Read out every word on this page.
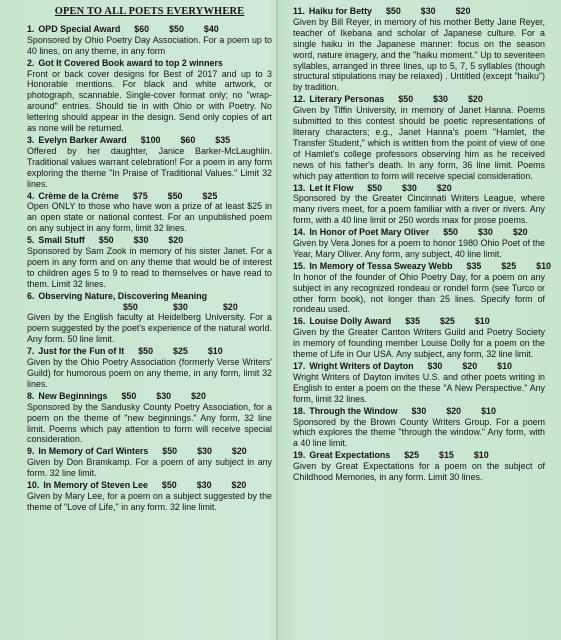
OPEN TO ALL POETS EVERYWHERE
1. OPD Special Award $60 $50 $40
Sponsored by Ohio Poetry Day Association. For a poem up to 40 lines, on any theme, in any form
2. Got It Covered Book award to top 2 winners
Front or back cover designs for Best of 2017 and up to 3 Honorable mentions. For black and white artwork, or photograph, scannable. Single-cover format only; no "wrap-around" entries. Should tie in with Ohio or with Poetry. No lettering should appear in the design. Send only copies of art as none will be returned.
3. Evelyn Barker Award $100 $60 $35
Offered by her daughter, Janice Barker-McLaughlin. Traditional values warrant celebration! For a poem in any form exploring the theme "In Praise of Traditional Values." Limit 32 lines.
4. Crème de la Crème $75 $50 $25
Open ONLY to those who have won a prize of at least $25 in an open state or national contest. For an unpublished poem on any subject in any form, limit 32 lines.
5. Small Stuff $50 $30 $20
Sponsored by Sam Zook in memory of his sister Janet. For a poem in any form and on any theme that would be of interest to children ages 5 to 9 to read to themselves or have read to them. Limit 32 lines.
6. Observing Nature, Discovering Meaning
$50	$30	$20
Given by the English faculty at Heidelberg University. For a poem suggested by the poet's experience of the natural world. Any form. 50 line limit.
7. Just for the Fun of It $50 $25 $10
Given by the Ohio Poetry Association (formerly Verse Writers' Guild) for humorous poem on any theme, in any form, limit 32 lines.
8. New Beginnings $50 $30 $20
Sponsored by the Sandusky County Poetry Association, for a poem on the theme of "new beginnings." Any form, 32 line limit. Poems which pay attention to form will receive special consideration.
9. In Memory of Carl Winters $50 $30 $20
Given by Don Bramkamp. For a poem of any subject in any form. 32 line limit.
10. In Memory of Steven Lee $50 $30 $20
Given by Mary Lee, for a poem on a subject suggested by the theme of "Love of Life," in any form. 32 line limit.
11. Haiku for Betty $50 $30 $20
Given by Bill Reyer, in memory of his mother Betty Jane Reyer, teacher of Ikebana and scholar of Japanese culture. For a single haiku in the Japanese manner: focus on the season word, nature imagery, and the "haiku moment." Up to seventeen syllables, arranged in three lines, up to 5, 7, 5 syllables (though structural stipulations may be relaxed) . Untitled (except "haiku") by tradition.
12. Literary Personas $50 $30 $20
Given by Tiffin University, in memory of Janet Hanna. Poems submitted to this contest should be poetic representations of literary characters; e.g., Janet Hanna's poem "Hamlet, the Transfer Student," which is written from the point of view of one of Hamlet's college professors observing him as he received news of his father's death. In any form, 36 line limit. Poems which pay attention to form will receive special consideration.
13. Let It Flow $50 $30 $20
Sponsored by the Greater Cincinnati Writers League, where many rivers meet, for a poem familiar with a river or rivers. Any form, with a 40 line limit or 250 words max for prose poems.
14. In Honor of Poet Mary Oliver $50 $30 $20
Given by Vera Jones for a poem to honor 1980 Ohio Poet of the Year, Mary Oliver. Any form, any subject, 40 line limit.
15. In Memory of Tessa Sweazy Webb $35 $25 $10
In honor of the founder of Ohio Poetry Day, for a poem on any subject in any recognized rondeau or rondel form (see Turco or other form book), not longer than 25 lines. Specify form of rondeau used.
16. Louise Dolly Award $35 $25 $10
Given by the Greater Canton Writers Guild and Poetry Society in memory of founding member Louise Dolly for a poem on the theme of Life in Our USA. Any subject, any form, 32 line limit.
17. Wright Writers of Dayton $30 $20 $10
Wright Writers of Dayton invites U.S. and other poets writing in English to enter a poem on the these "A New Perspective." Any form, limit 32 lines.
18. Through the Window $30 $20 $10
Sponsored by the Brown County Writers Group. For a poem which explores the theme "through the window." Any form, with a 40 line limit.
19. Great Expectations $25 $15 $10
Given by Great Expectations for a poem on the subject of Childhood Memories, in any form. Limit 30 lines.
